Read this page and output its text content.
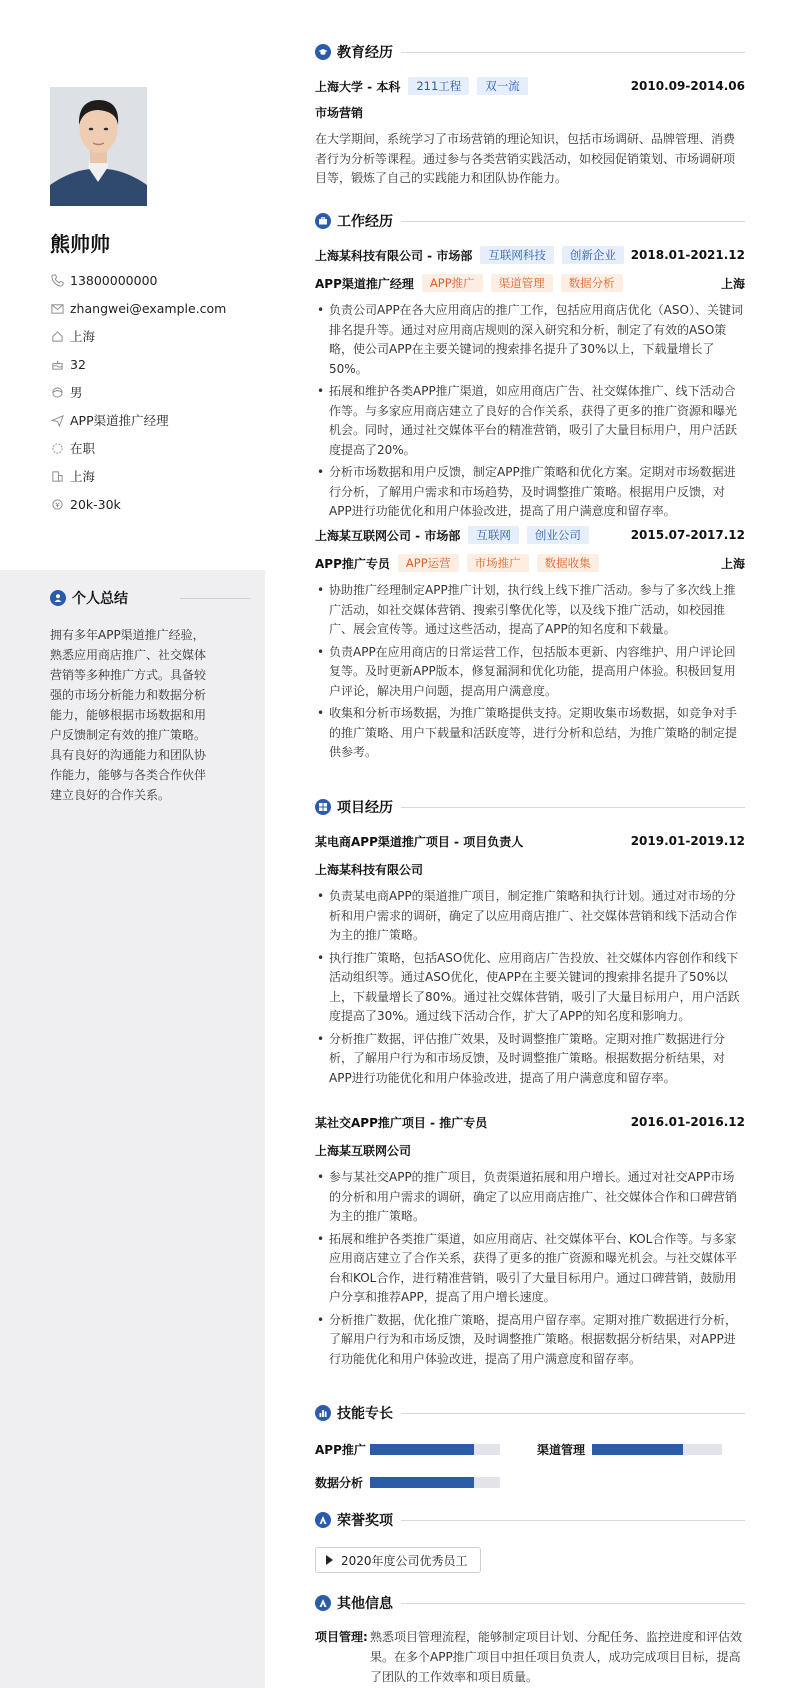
熊帅帅
13800000000
zhangwei@example.com
上海
32
男
APP渠道推广经理
在职
上海
20k-30k
个人总结
拥有多年APP渠道推广经验，熟悉应用商店推广、社交媒体营销等多种推广方式。具备较强的市场分析能力和数据分析能力，能够根据市场数据和用户反馈制定有效的推广策略。具有良好的沟通能力和团队协作能力，能够与各类合作伙伴建立良好的合作关系。
教育经历
上海大学 - 本科	211工程	双一流	2010.09-2014.06
市场营销
在大学期间，系统学习了市场营销的理论知识，包括市场调研、品牌管理、消费者行为分析等课程。通过参与各类营销实践活动，如校园促销策划、市场调研项目等，锻炼了自己的实践能力和团队协作能力。
工作经历
上海某科技有限公司 - 市场部	互联网科技	创新企业	2018.01-2021.12
APP渠道推广经理	APP推广	渠道管理	数据分析	上海
• 负责公司APP在各大应用商店的推广工作，包括应用商店优化（ASO）、关键词排名提升等。通过对应用商店规则的深入研究和分析，制定了有效的ASO策略，使公司APP在主要关键词的搜索排名提升了30%以上，下载量增长了50%。
• 拓展和维护各类APP推广渠道，如应用商店广告、社交媒体推广、线下活动合作等。与多家应用商店建立了良好的合作关系，获得了更多的推广资源和曝光机会。同时，通过社交媒体平台的精准营销，吸引了大量目标用户，用户活跃度提高了20%。
• 分析市场数据和用户反馈，制定APP推广策略和优化方案。定期对市场数据进行分析，了解用户需求和市场趋势，及时调整推广策略。根据用户反馈，对APP进行功能优化和用户体验改进，提高了用户满意度和留存率。
上海某互联网公司 - 市场部	互联网	创业公司	2015.07-2017.12
APP推广专员	APP运营	市场推广	数据收集	上海
• 协助推广经理制定APP推广计划，执行线上线下推广活动。参与了多次线上推广活动，如社交媒体营销、搜索引擎优化等，以及线下推广活动，如校园推广、展会宣传等。通过这些活动，提高了APP的知名度和下载量。
• 负责APP在应用商店的日常运营工作，包括版本更新、内容维护、用户评论回复等。及时更新APP版本，修复漏洞和优化功能，提高用户体验。积极回复用户评论，解决用户问题，提高用户满意度。
• 收集和分析市场数据，为推广策略提供支持。定期收集市场数据，如竞争对手的推广策略、用户下载量和活跃度等，进行分析和总结，为推广策略的制定提供参考。
项目经历
某电商APP渠道推广项目 - 项目负责人	2019.01-2019.12
上海某科技有限公司
• 负责某电商APP的渠道推广项目，制定推广策略和执行计划。通过对市场的分析和用户需求的调研，确定了以应用商店推广、社交媒体营销和线下活动合作为主的推广策略。
• 执行推广策略，包括ASO优化、应用商店广告投放、社交媒体内容创作和线下活动组织等。通过ASO优化，使APP在主要关键词的搜索排名提升了50%以上，下载量增长了80%。通过社交媒体营销，吸引了大量目标用户，用户活跃度提高了30%。通过线下活动合作，扩大了APP的知名度和影响力。
• 分析推广数据，评估推广效果，及时调整推广策略。定期对推广数据进行分析，了解用户行为和市场反馈，及时调整推广策略。根据数据分析结果，对APP进行功能优化和用户体验改进，提高了用户满意度和留存率。
某社交APP推广项目 - 推广专员	2016.01-2016.12
上海某互联网公司
• 参与某社交APP的推广项目，负责渠道拓展和用户增长。通过对社交APP市场的分析和用户需求的调研，确定了以应用商店推广、社交媒体合作和口碑营销为主的推广策略。
• 拓展和维护各类推广渠道，如应用商店、社交媒体平台、KOL合作等。与多家应用商店建立了合作关系，获得了更多的推广资源和曝光机会。与社交媒体平台和KOL合作，进行精准营销，吸引了大量目标用户。通过口碑营销，鼓励用户分享和推荐APP，提高了用户增长速度。
• 分析推广数据，优化推广策略，提高用户留存率。定期对推广数据进行分析，了解用户行为和市场反馈，及时调整推广策略。根据数据分析结果，对APP进行功能优化和用户体验改进，提高了用户满意度和留存率。
技能专长
APP推广	渠道管理
数据分析
荣誉奖项
2020年度公司优秀员工
其他信息
项目管理: 熟悉项目管理流程，能够制定项目计划、分配任务、监控进度和评估效果。在多个APP推广项目中担任项目负责人，成功完成项目目标，提高了团队的工作效率和项目质量。
